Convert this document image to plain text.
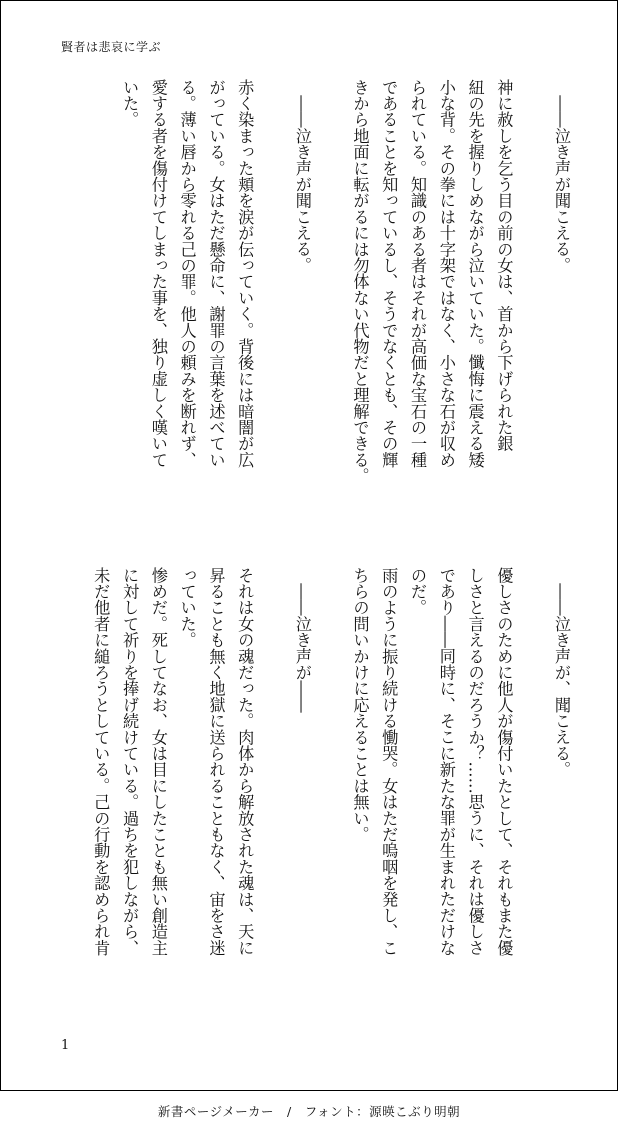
賢者は悲哀に学ぶ
　――泣き声が聞こえる。

神に赦しを乞う目の前の女は、首から下げられた銀
紐の先を握りしめながら泣いていた。懺悔に震える矮
小な背。その拳には十字架ではなく、小さな石が収め
られている。知識のある者はそれが高価な宝石の一種
であることを知っているし、そうでなくとも、その輝
きから地面に転がるには勿体ない代物だと理解できる。

　――泣き声が聞こえる。

赤く染まった頬を涙が伝っていく。背後には暗闇が広
がっている。女はただ懸命に、謝罪の言葉を述べてい
る。薄い唇から零れる己の罪。他人の頼みを断れず、
愛する者を傷付けてしまった事を、独り虚しく嘆いて
いた。
　――泣き声が、聞こえる。

優しさのために他人が傷付いたとして、それもまた優
しさと言えるのだろうか？……思うに、それは優しさ
であり――同時に、そこに新たな罪が生まれただけな
のだ。
雨のように振り続ける慟哭。女はただ嗚咽を発し、こ
ちらの問いかけに応えることは無い。

　――泣き声が――

それは女の魂だった。肉体から解放された魂は、天に
昇ることも無く地獄に送られることもなく、宙をさ迷
っていた。
惨めだ。死してなお、女は目にしたことも無い創造主
に対して祈りを捧げ続けている。過ちを犯しながら、
未だ他者に縋ろうとしている。己の行動を認められ肯
1
新書ページメーカー　/　フォント：源暎こぶり明朝
